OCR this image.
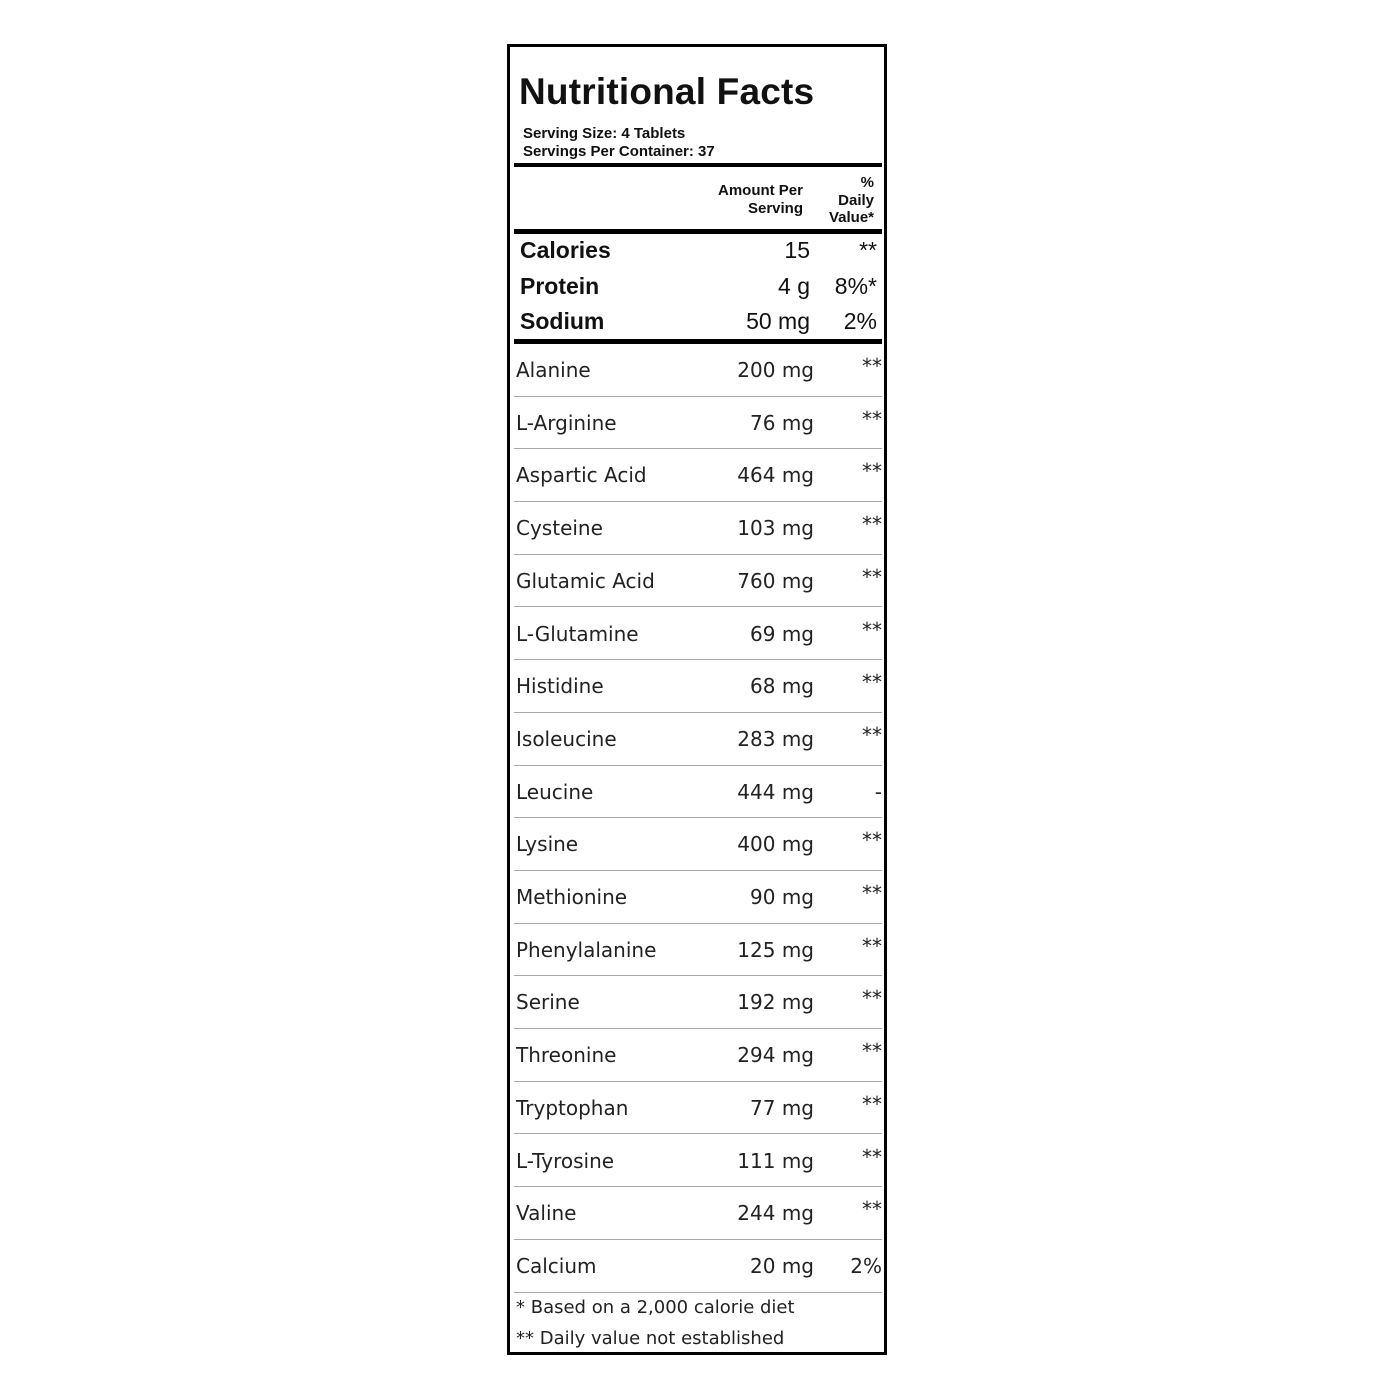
Nutritional Facts
Serving Size: 4 Tablets
Servings Per Container: 37
Amount Per
Serving
%
Daily
Value*
Calories	15 **
Protein	4 g 8%*
Sodium	50 mg 2%
Alanine	200 mg **
L-Arginine	76 mg **
Aspartic Acid	464 mg **
Cysteine	103 mg **
Glutamic Acid	760 mg **
L-Glutamine	69 mg **
Histidine	68 mg **
Isoleucine	283 mg **
Leucine	444 mg	-
Lysine	400 mg **
Methionine	90 mg **
Phenylalanine	125 mg **
Serine	192 mg **
Threonine	294 mg **
Tryptophan	77 mg **
L-Tyrosine	111 mg **
Valine	244 mg **
Calcium	20 mg 2%
* Based on a 2,000 calorie diet
** Daily value not established
